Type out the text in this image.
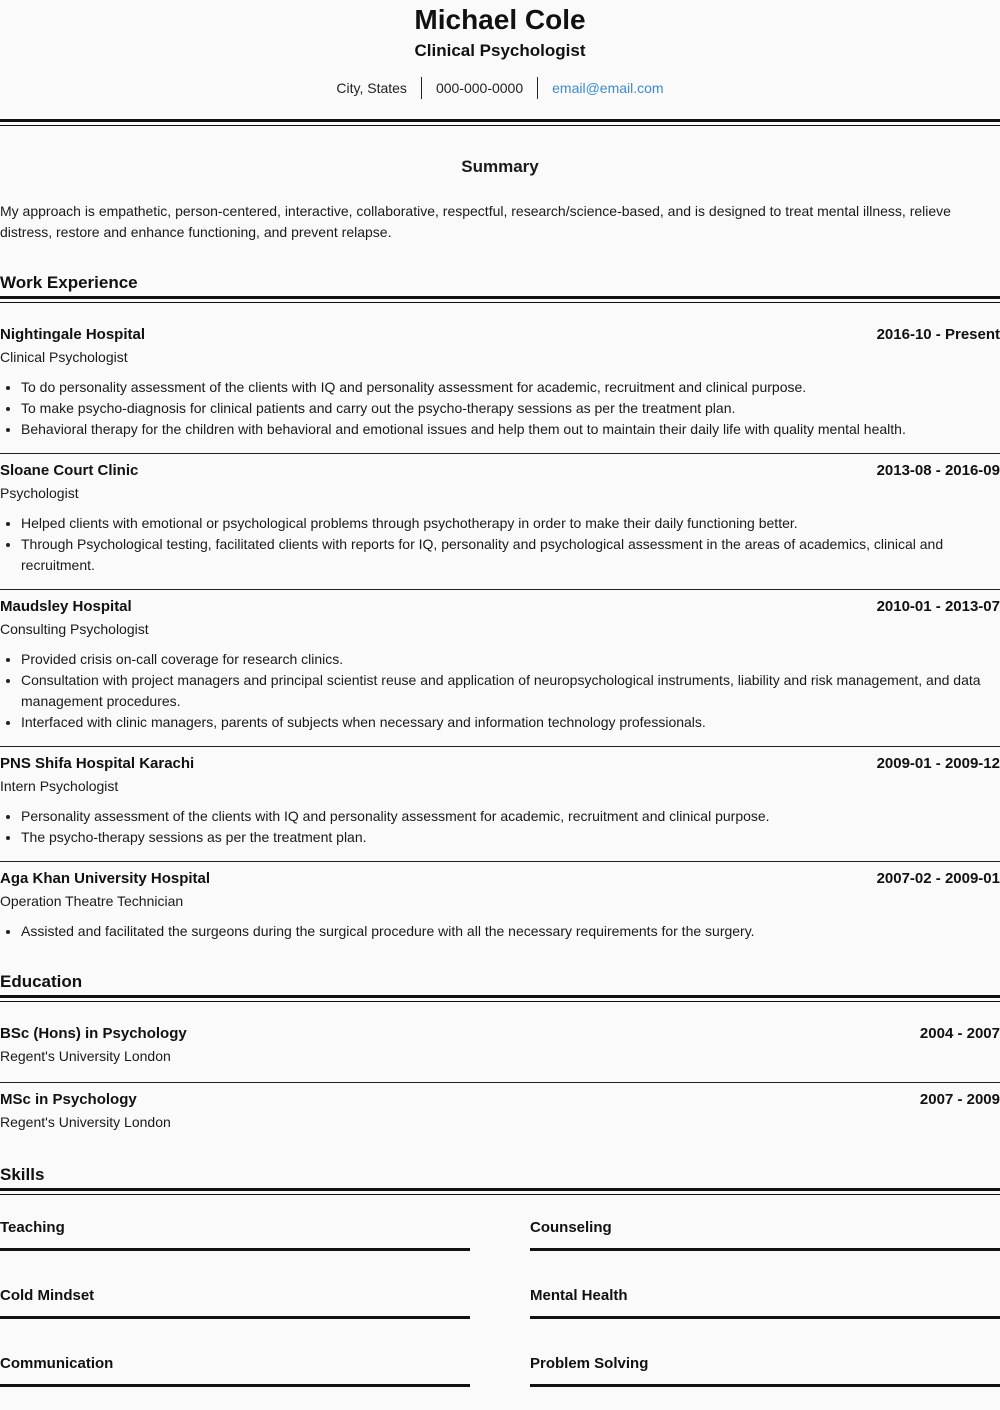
Michael Cole
Clinical Psychologist
City, States	000-000-0000	email@email.com
Summary
My approach is empathetic, person-centered, interactive, collaborative, respectful, research/science-based, and is designed to treat mental illness, relieve distress, restore and enhance functioning, and prevent relapse.
Work Experience
Nightingale Hospital	2016-10 - Present
Clinical Psychologist
To do personality assessment of the clients with IQ and personality assessment for academic, recruitment and clinical purpose.
To make psycho-diagnosis for clinical patients and carry out the psycho-therapy sessions as per the treatment plan.
Behavioral therapy for the children with behavioral and emotional issues and help them out to maintain their daily life with quality mental health.
Sloane Court Clinic	2013-08 - 2016-09
Psychologist
Helped clients with emotional or psychological problems through psychotherapy in order to make their daily functioning better.
Through Psychological testing, facilitated clients with reports for IQ, personality and psychological assessment in the areas of academics, clinical and recruitment.
Maudsley Hospital	2010-01 - 2013-07
Consulting Psychologist
Provided crisis on-call coverage for research clinics.
Consultation with project managers and principal scientist reuse and application of neuropsychological instruments, liability and risk management, and data management procedures.
Interfaced with clinic managers, parents of subjects when necessary and information technology professionals.
PNS Shifa Hospital Karachi	2009-01 - 2009-12
Intern Psychologist
Personality assessment of the clients with IQ and personality assessment for academic, recruitment and clinical purpose.
The psycho-therapy sessions as per the treatment plan.
Aga Khan University Hospital	2007-02 - 2009-01
Operation Theatre Technician
Assisted and facilitated the surgeons during the surgical procedure with all the necessary requirements for the surgery.
Education
BSc (Hons) in Psychology	2004 - 2007
Regent's University London
MSc in Psychology	2007 - 2009
Regent's University London
Skills
Teaching	Counseling
Cold Mindset	Mental Health
Communication	Problem Solving
